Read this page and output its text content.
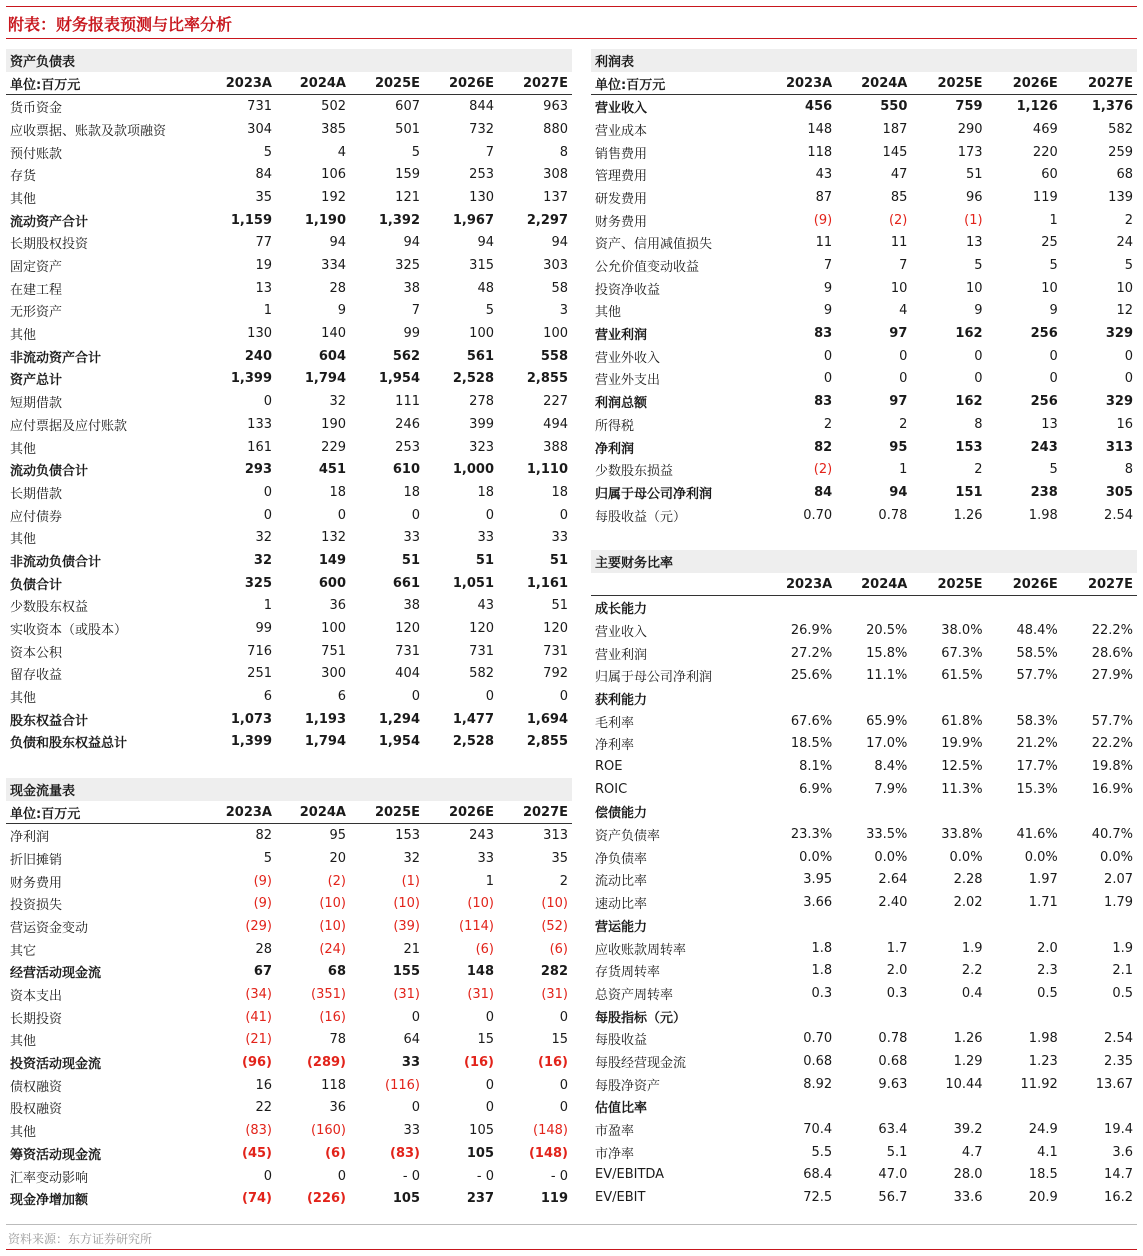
附表：财务报表预测与比率分析
资产负债表					
单位:百万元	2023A	2024A	2025E	2026E	2027E
货币资金	731	502	607	844	963
应收票据、账款及款项融资	304	385	501	732	880
预付账款	5	4	5	7	8
存货	84	106	159	253	308
其他	35	192	121	130	137
流动资产合计	1,159	1,190	1,392	1,967	2,297
长期股权投资	77	94	94	94	94
固定资产	19	334	325	315	303
在建工程	13	28	38	48	58
无形资产	1	9	7	5	3
其他	130	140	99	100	100
非流动资产合计	240	604	562	561	558
资产总计	1,399	1,794	1,954	2,528	2,855
短期借款	0	32	111	278	227
应付票据及应付账款	133	190	246	399	494
其他	161	229	253	323	388
流动负债合计	293	451	610	1,000	1,110
长期借款	0	18	18	18	18
应付债券	0	0	0	0	0
其他	32	132	33	33	33
非流动负债合计	32	149	51	51	51
负债合计	325	600	661	1,051	1,161
少数股东权益	1	36	38	43	51
实收资本（或股本）	99	100	120	120	120
资本公积	716	751	731	731	731
留存收益	251	300	404	582	792
其他	6	6	0	0	0
股东权益合计	1,073	1,193	1,294	1,477	1,694
负债和股东权益总计	1,399	1,794	1,954	2,528	2,855
现金流量表					
单位:百万元	2023A	2024A	2025E	2026E	2027E
净利润	82	95	153	243	313
折旧摊销	5	20	32	33	35
财务费用	(9)	(2)	(1)	1	2
投资损失	(9)	(10)	(10)	(10)	(10)
营运资金变动	(29)	(10)	(39)	(114)	(52)
其它	28	(24)	21	(6)	(6)
经营活动现金流	67	68	155	148	282
资本支出	(34)	(351)	(31)	(31)	(31)
长期投资	(41)	(16)	0	0	0
其他	(21)	78	64	15	15
投资活动现金流	(96)	(289)	33	(16)	(16)
债权融资	16	118	(116)	0	0
股权融资	22	36	0	0	0
其他	(83)	(160)	33	105	(148)
筹资活动现金流	(45)	(6)	(83)	105	(148)
汇率变动影响	0	0	- 0	- 0	- 0
现金净增加额	(74)	(226)	105	237	119
利润表					
单位:百万元	2023A	2024A	2025E	2026E	2027E
营业收入	456	550	759	1,126	1,376
营业成本	148	187	290	469	582
销售费用	118	145	173	220	259
管理费用	43	47	51	60	68
研发费用	87	85	96	119	139
财务费用	(9)	(2)	(1)	1	2
资产、信用减值损失	11	11	13	25	24
公允价值变动收益	7	7	5	5	5
投资净收益	9	10	10	10	10
其他	9	4	9	9	12
营业利润	83	97	162	256	329
营业外收入	0	0	0	0	0
营业外支出	0	0	0	0	0
利润总额	83	97	162	256	329
所得税	2	2	8	13	16
净利润	82	95	153	243	313
少数股东损益	(2)	1	2	5	8
归属于母公司净利润	84	94	151	238	305
每股收益（元）	0.70	0.78	1.26	1.98	2.54
主要财务比率					
	2023A	2024A	2025E	2026E	2027E
成长能力					
营业收入	26.9%	20.5%	38.0%	48.4%	22.2%
营业利润	27.2%	15.8%	67.3%	58.5%	28.6%
归属于母公司净利润	25.6%	11.1%	61.5%	57.7%	27.9%
获利能力					
毛利率	67.6%	65.9%	61.8%	58.3%	57.7%
净利率	18.5%	17.0%	19.9%	21.2%	22.2%
ROE	8.1%	8.4%	12.5%	17.7%	19.8%
ROIC	6.9%	7.9%	11.3%	15.3%	16.9%
偿债能力					
资产负债率	23.3%	33.5%	33.8%	41.6%	40.7%
净负债率	0.0%	0.0%	0.0%	0.0%	0.0%
流动比率	3.95	2.64	2.28	1.97	2.07
速动比率	3.66	2.40	2.02	1.71	1.79
营运能力					
应收账款周转率	1.8	1.7	1.9	2.0	1.9
存货周转率	1.8	2.0	2.2	2.3	2.1
总资产周转率	0.3	0.3	0.4	0.5	0.5
每股指标（元）					
每股收益	0.70	0.78	1.26	1.98	2.54
每股经营现金流	0.68	0.68	1.29	1.23	2.35
每股净资产	8.92	9.63	10.44	11.92	13.67
估值比率					
市盈率	70.4	63.4	39.2	24.9	19.4
市净率	5.5	5.1	4.7	4.1	3.6
EV/EBITDA	68.4	47.0	28.0	18.5	14.7
EV/EBIT	72.5	56.7	33.6	20.9	16.2
资料来源：东方证券研究所
